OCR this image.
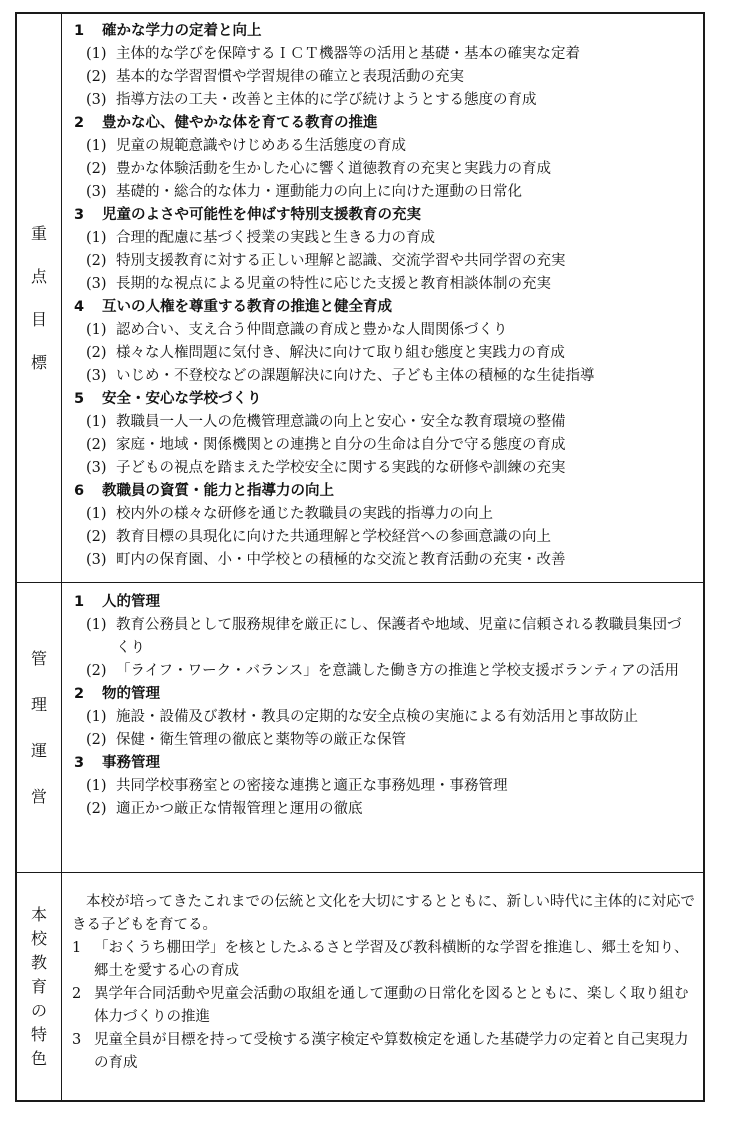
重
点
目
標
1 確かな学力の定着と向上
(1) 主体的な学びを保障するＩＣＴ機器等の活用と基礎・基本の確実な定着
(2) 基本的な学習習慣や学習規律の確立と表現活動の充実
(3) 指導方法の工夫・改善と主体的に学び続けようとする態度の育成
2 豊かな心、健やかな体を育てる教育の推進
(1) 児童の規範意識やけじめある生活態度の育成
(2) 豊かな体験活動を生かした心に響く道徳教育の充実と実践力の育成
(3) 基礎的・総合的な体力・運動能力の向上に向けた運動の日常化
3 児童のよさや可能性を伸ばす特別支援教育の充実
(1) 合理的配慮に基づく授業の実践と生きる力の育成
(2) 特別支援教育に対する正しい理解と認識、交流学習や共同学習の充実
(3) 長期的な視点による児童の特性に応じた支援と教育相談体制の充実
4 互いの人権を尊重する教育の推進と健全育成
(1) 認め合い、支え合う仲間意識の育成と豊かな人間関係づくり
(2) 様々な人権問題に気付き、解決に向けて取り組む態度と実践力の育成
(3) いじめ・不登校などの課題解決に向けた、子ども主体の積極的な生徒指導
5 安全・安心な学校づくり
(1) 教職員一人一人の危機管理意識の向上と安心・安全な教育環境の整備
(2) 家庭・地域・関係機関との連携と自分の生命は自分で守る態度の育成
(3) 子どもの視点を踏まえた学校安全に関する実践的な研修や訓練の充実
6 教職員の資質・能力と指導力の向上
(1) 校内外の様々な研修を通じた教職員の実践的指導力の向上
(2) 教育目標の具現化に向けた共通理解と学校経営への参画意識の向上
(3) 町内の保育園、小・中学校との積極的な交流と教育活動の充実・改善
管
理
運
営
1 人的管理
(1) 教育公務員として服務規律を厳正にし、保護者や地域、児童に信頼される教職員集団づくり
(2) 「ライフ・ワーク・バランス」を意識した働き方の推進と学校支援ボランティアの活用
2 物的管理
(1) 施設・設備及び教材・教具の定期的な安全点検の実施による有効活用と事故防止
(2) 保健・衛生管理の徹底と薬物等の厳正な保管
3 事務管理
(1) 共同学校事務室との密接な連携と適正な事務処理・事務管理
(2) 適正かつ厳正な情報管理と運用の徹底
本
校
教
育
の
特
色
本校が培ってきたこれまでの伝統と文化を大切にするとともに、新しい時代に主体的に対応できる子どもを育てる。
1 「おくうち棚田学」を核としたふるさと学習及び教科横断的な学習を推進し、郷土を知り、郷土を愛する心の育成
2 異学年合同活動や児童会活動の取組を通して運動の日常化を図るとともに、楽しく取り組む体力づくりの推進
3 児童全員が目標を持って受検する漢字検定や算数検定を通した基礎学力の定着と自己実現力の育成
